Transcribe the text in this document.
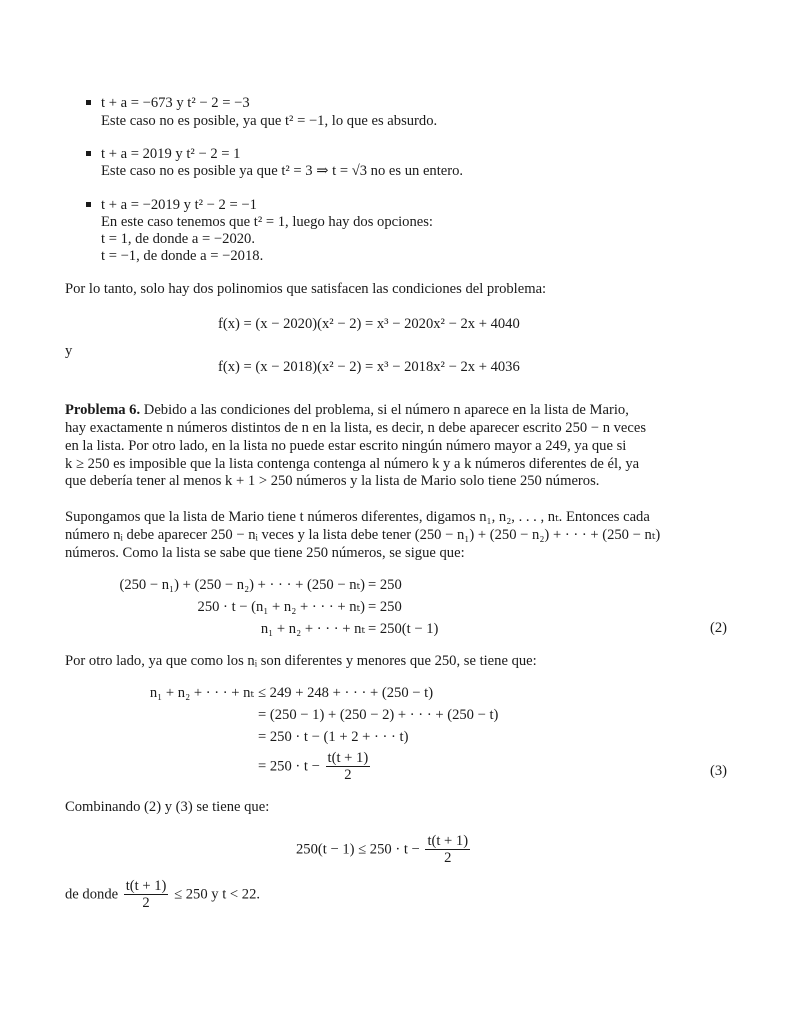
t + a = −673 y t² − 2 = −3
Este caso no es posible, ya que t² = −1, lo que es absurdo.
t + a = 2019 y t² − 2 = 1
Este caso no es posible ya que t² = 3 ⇒ t = √3 no es un entero.
t + a = −2019 y t² − 2 = −1
En este caso tenemos que t² = 1, luego hay dos opciones:
t = 1, de donde a = −2020.
t = −1, de donde a = −2018.
Por lo tanto, solo hay dos polinomios que satisfacen las condiciones del problema:
f(x) = (x − 2020)(x² − 2) = x³ − 2020x² − 2x + 4040
y
f(x) = (x − 2018)(x² − 2) = x³ − 2018x² − 2x + 4036
Problema 6. Debido a las condiciones del problema, si el número n aparece en la lista de Mario,
hay exactamente n números distintos de n en la lista, es decir, n debe aparecer escrito 250 − n veces
en la lista. Por otro lado, en la lista no puede estar escrito ningún número mayor a 249, ya que si
k ≥ 250 es imposible que la lista contenga contenga al número k y a k números diferentes de él, ya
que debería tener al menos k + 1 > 250 números y la lista de Mario solo tiene 250 números.
Supongamos que la lista de Mario tiene t números diferentes, digamos n₁, n₂, . . . , nₜ. Entonces cada
número nᵢ debe aparecer 250 − nᵢ veces y la lista debe tener (250 − n₁) + (250 − n₂) + · · · + (250 − nₜ)
números. Como la lista se sabe que tiene 250 números, se sigue que:
(250 − n₁) + (250 − n₂) + · · · + (250 − nₜ) = 250
250 · t − (n₁ + n₂ + · · · + nₜ) = 250
n₁ + n₂ + · · · + nₜ = 250(t − 1)	(2)
Por otro lado, ya que como los nᵢ son diferentes y menores que 250, se tiene que:
n₁ + n₂ + · · · + nₜ ≤ 249 + 248 + · · · + (250 − t)
= (250 − 1) + (250 − 2) + · · · + (250 − t)
= 250 · t − (1 + 2 + · · · t)
= $250 \cdot t - \frac{t(t + 1)}{2}$	(3)
Combinando (2) y (3) se tiene que:
$250(t - 1) \le 250 \cdot t - \frac{t(t + 1)}{2}$
de donde $\frac{t(t + 1)}{2} \le 250$ y t < 22.
